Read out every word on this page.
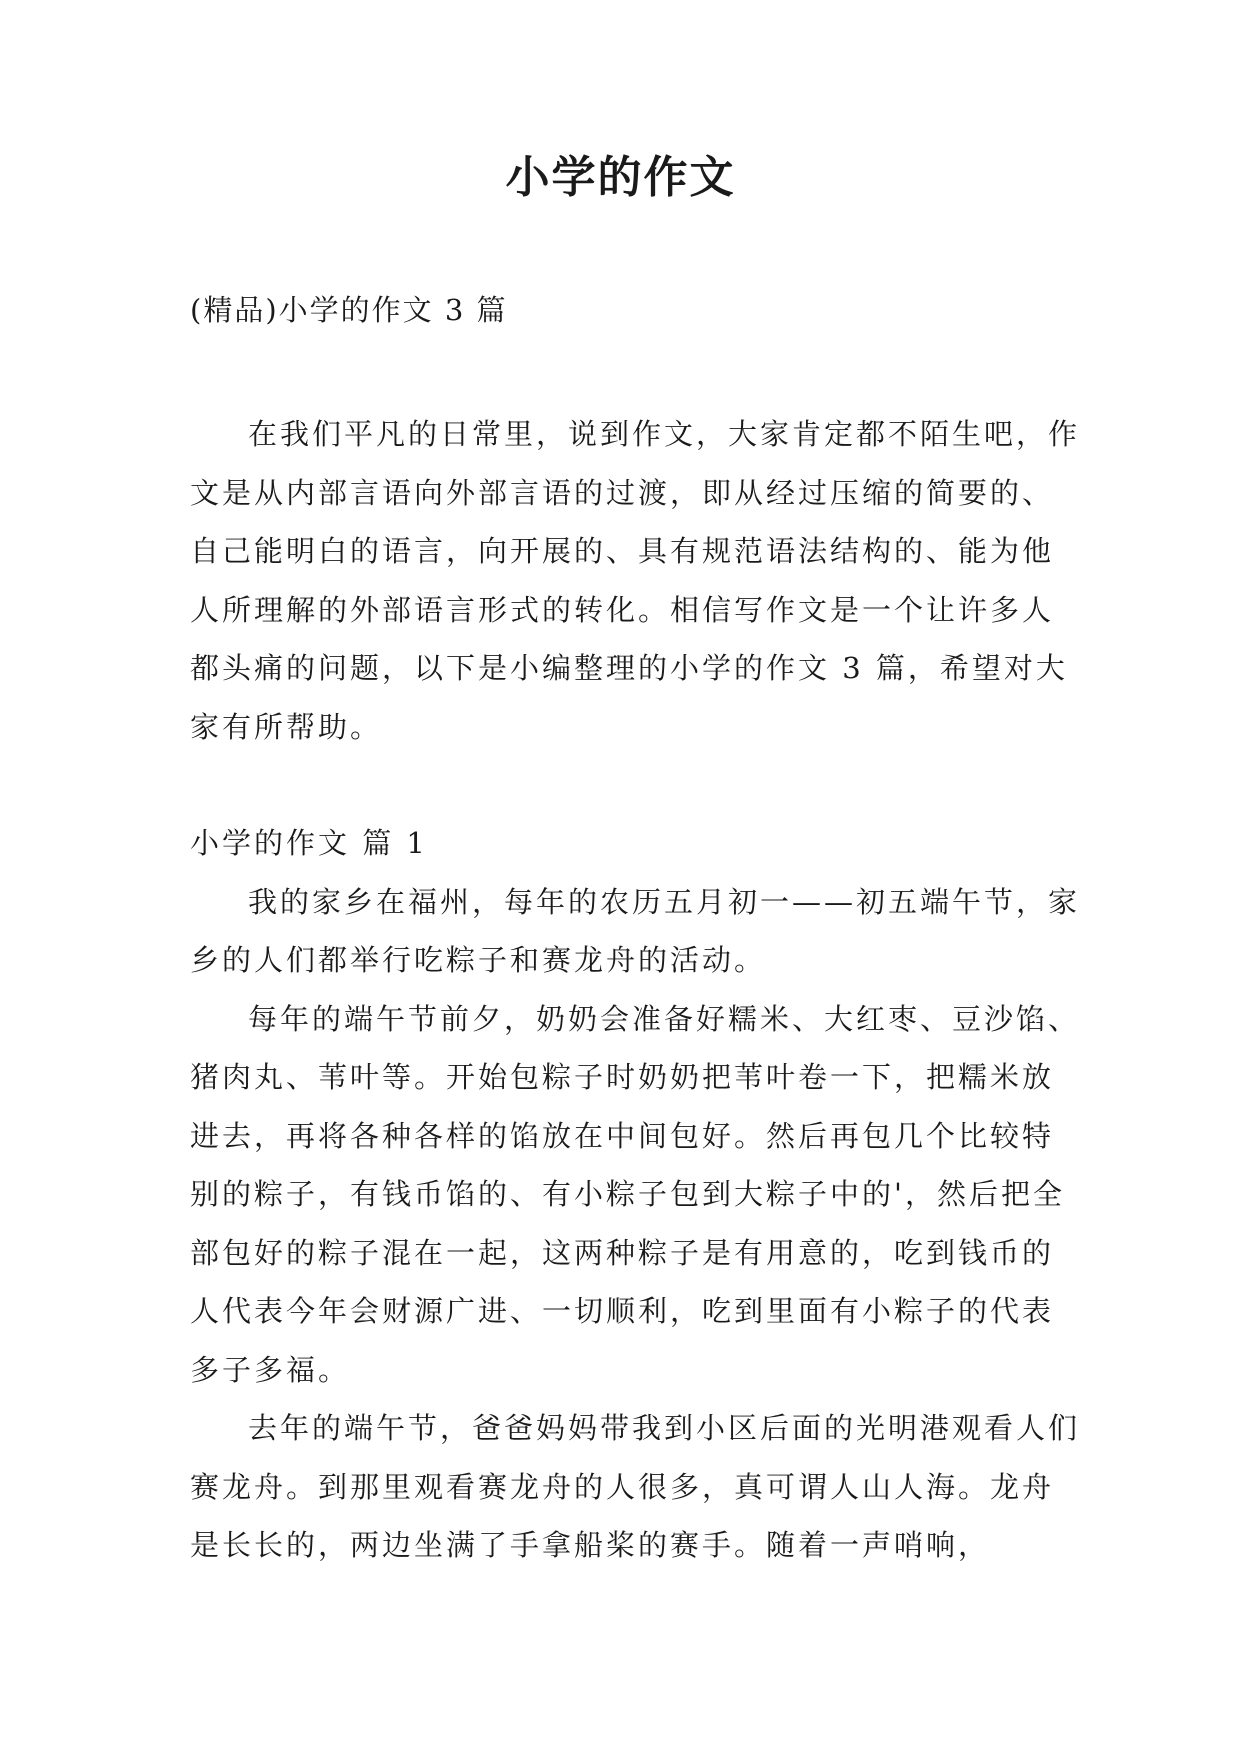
小学的作文
(精品)小学的作文 3 篇

在我们平凡的日常里，说到作文，大家肯定都不陌生吧，作文是从内部言语向外部言语的过渡，即从经过压缩的简要的、自己能明白的语言，向开展的、具有规范语法结构的、能为他人所理解的外部语言形式的转化。相信写作文是一个让许多人都头痛的问题，以下是小编整理的小学的作文 3 篇，希望对大家有所帮助。

小学的作文 篇 1

我的家乡在福州，每年的农历五月初一——初五端午节，家乡的人们都举行吃粽子和赛龙舟的活动。

每年的端午节前夕，奶奶会准备好糯米、大红枣、豆沙馅、猪肉丸、苇叶等。开始包粽子时奶奶把苇叶卷一下，把糯米放进去，再将各种各样的馅放在中间包好。然后再包几个比较特别的粽子，有钱币馅的、有小粽子包到大粽子中的'，然后把全部包好的粽子混在一起，这两种粽子是有用意的，吃到钱币的人代表今年会财源广进、一切顺利，吃到里面有小粽子的代表多子多福。

去年的端午节，爸爸妈妈带我到小区后面的光明港观看人们赛龙舟。到那里观看赛龙舟的人很多，真可谓人山人海。龙舟是长长的，两边坐满了手拿船桨的赛手。随着一声哨响，
